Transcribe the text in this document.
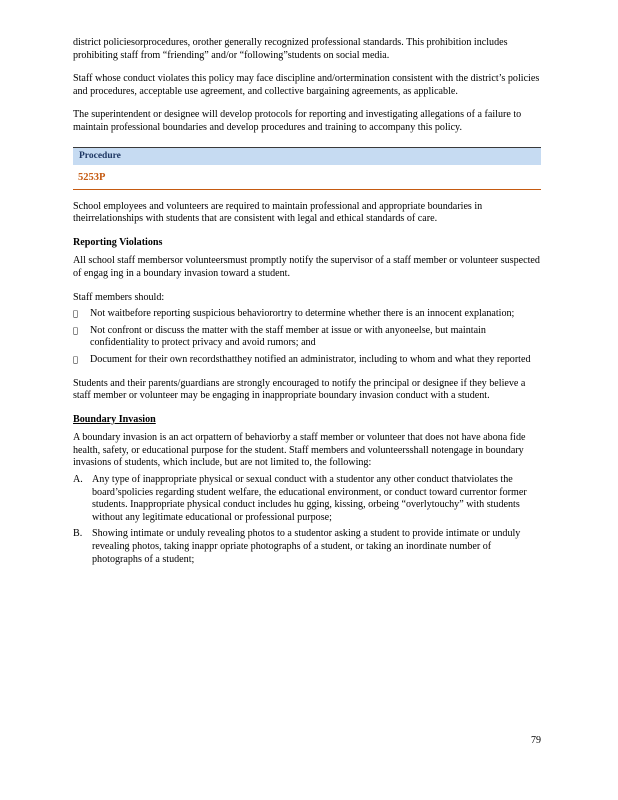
district policiesorprocedures, orother generally recognized professional standards. This prohibition includes prohibiting staff from “friending” and/or “following”students on social media.

Staff whose conduct violates this policy may face discipline and/ortermination consistent with the district’s policies and procedures, acceptable use agreement, and collective bargaining agreements, as applicable.

The superintendent or designee will develop protocols for reporting and investigating allegations of a failure to maintain professional boundaries and develop procedures and training to accompany this policy.

Procedure
5253P

School employees and volunteers are required to maintain professional and appropriate boundaries in theirrelationships with students that are consistent with legal and ethical standards of care.

Reporting Violations

All school staff membersor volunteersmust promptly notify the supervisor of a staff member or volunteer suspected of engag ing in a boundary invasion toward a student.

Staff members should:

Not waitbefore reporting suspicious behaviorortry to determine whether there is an innocent explanation;
Not confront or discuss the matter with the staff member at issue or with anyoneelse, but maintain confidentiality to protect privacy and avoid rumors; and
Document for their own recordsthatthey notified an administrator, including to whom and what they reported

Students and their parents/guardians are strongly encouraged to notify the principal or designee if they believe a staff member or volunteer may be engaging in inappropriate boundary invasion conduct with a student.

Boundary Invasion

A boundary invasion is an act orpattern of behaviorby a staff member or volunteer that does not have abona fide health, safety, or educational purpose for the student. Staff members and volunteersshall notengage in boundary invasions of students, which include, but are not limited to, the following:

A. Any type of inappropriate physical or sexual conduct with a studentor any other conduct thatviolates the board’spolicies regarding student welfare, the educational environment, or conduct toward currentor former students. Inappropriate physical conduct includes hu gging, kissing, orbeing “overlytouchy” with students without any legitimate educational or professional purpose;
B. Showing intimate or unduly revealing photos to a studentor asking a student to provide intimate or unduly revealing photos, taking inappr opriate photographs of a student, or taking an inordinate number of photographs of a student;
79
